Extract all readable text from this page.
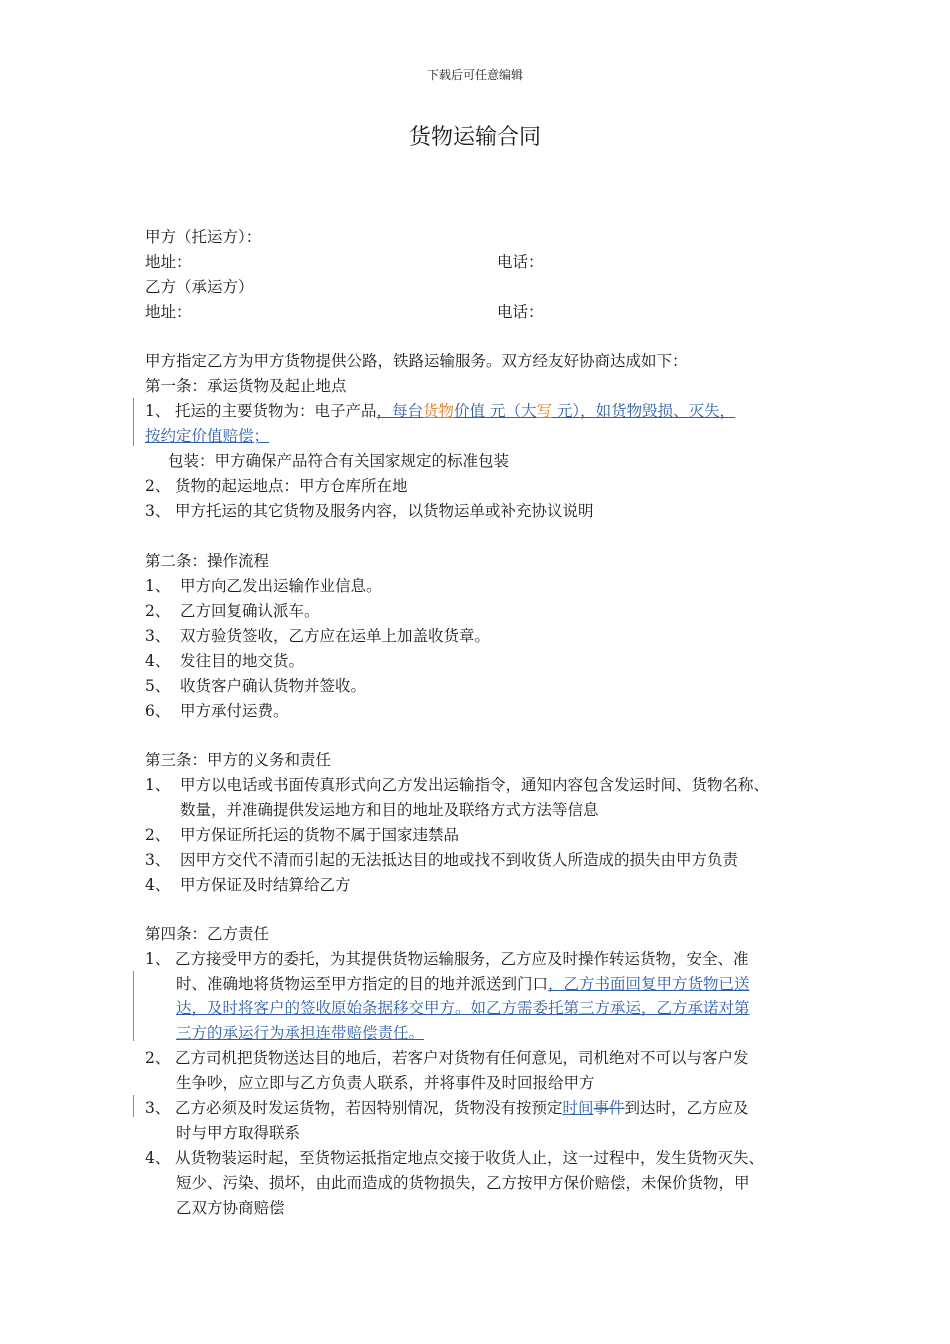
下载后可任意编辑
货物运输合同
甲方（托运方）：
地址：	电话：
乙方（承运方）
地址：	电话：
甲方指定乙方为甲方货物提供公路，铁路运输服务。双方经友好协商达成如下：
第一条：承运货物及起止地点
1、 托运的主要货物为：电子产品，每台货物价值 元（大写 元），如货物毁损、灭失，
按约定价值赔偿；
包装：甲方确保产品符合有关国家规定的标准包装
2、 货物的起运地点：甲方仓库所在地
3、 甲方托运的其它货物及服务内容，以货物运单或补充协议说明
第二条：操作流程
1、 甲方向乙发出运输作业信息。
2、 乙方回复确认派车。
3、 双方验货签收，乙方应在运单上加盖收货章。
4、 发往目的地交货。
5、 收货客户确认货物并签收。
6、 甲方承付运费。
第三条：甲方的义务和责任
1、 甲方以电话或书面传真形式向乙方发出运输指令，通知内容包含发运时间、货物名称、
数量，并准确提供发运地方和目的地址及联络方式方法等信息
2、 甲方保证所托运的货物不属于国家违禁品
3、 因甲方交代不清而引起的无法抵达目的地或找不到收货人所造成的损失由甲方负责
4、 甲方保证及时结算给乙方
第四条：乙方责任
1、 乙方接受甲方的委托，为其提供货物运输服务，乙方应及时操作转运货物，安全、准
时、准确地将货物运至甲方指定的目的地并派送到门口，乙方书面回复甲方货物已送
达，及时将客户的签收原始条据移交甲方。如乙方需委托第三方承运，乙方承诺对第
三方的承运行为承担连带赔偿责任。
2、 乙方司机把货物送达目的地后，若客户对货物有任何意见，司机绝对不可以与客户发
生争吵，应立即与乙方负责人联系，并将事件及时回报给甲方
3、 乙方必须及时发运货物，若因特别情况，货物没有按预定时间事件到达时，乙方应及
时与甲方取得联系
4、 从货物装运时起，至货物运抵指定地点交接于收货人止，这一过程中，发生货物灭失、
短少、污染、损坏，由此而造成的货物损失，乙方按甲方保价赔偿，未保价货物，甲
乙双方协商赔偿
